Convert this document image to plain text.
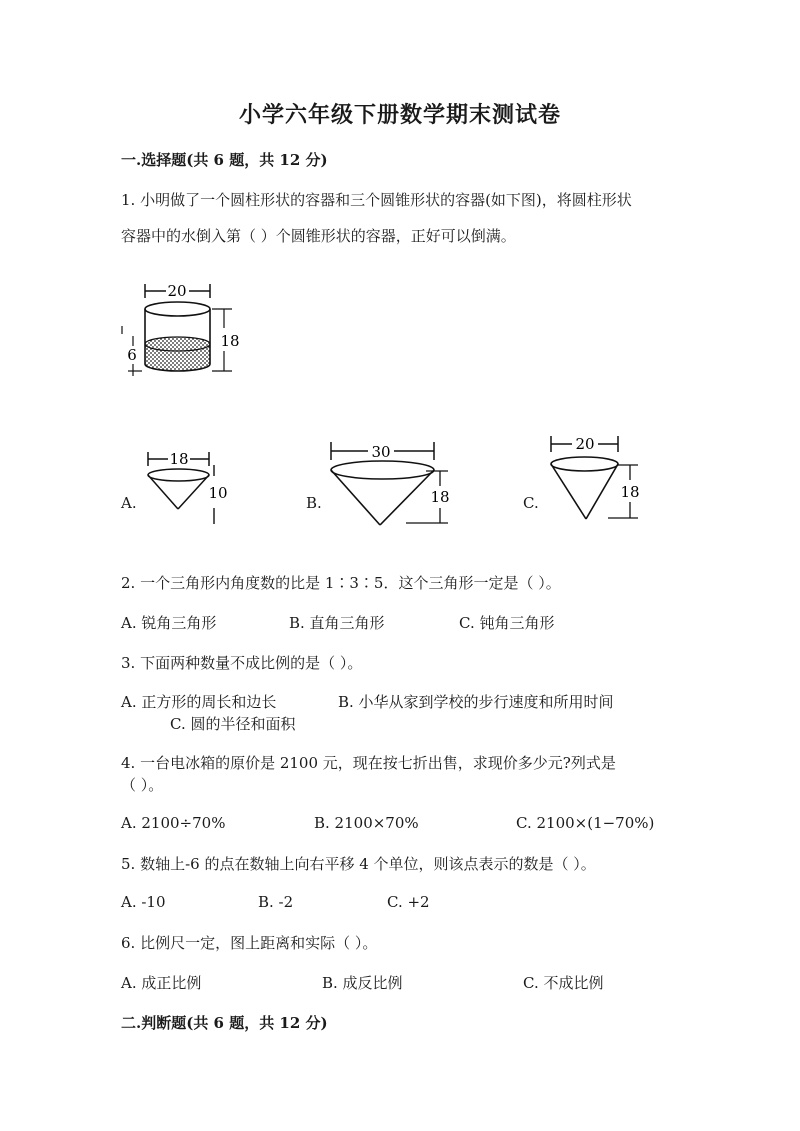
小学六年级下册数学期末测试卷
一.选择题(共 6 题，共 12 分)
1. 小明做了一个圆柱形状的容器和三个圆锥形状的容器(如下图)，将圆柱形状
容器中的水倒入第（ ）个圆锥形状的容器，正好可以倒满。
20
18
6
A.
18
10
B.
30
18	C.
20
18
2. 一个三角形内角度数的比是 1∶3∶5．这个三角形一定是（ ）。
A. 锐角三角形	B. 直角三角形	C. 钝角三角形
3. 下面两种数量不成比例的是（ ）。
A. 正方形的周长和边长	B. 小华从家到学校的步行速度和所用时间
C. 圆的半径和面积
4. 一台电冰箱的原价是 2100 元，现在按七折出售，求现价多少元?列式是
（ ）。
A. 2100÷70%	B. 2100×70%	C. 2100×(1−70%)
5. 数轴上-6 的点在数轴上向右平移 4 个单位，则该点表示的数是（ ）。
A. -10	B. -2	C. +2
6. 比例尺一定，图上距离和实际（ ）。
A. 成正比例	B. 成反比例	C. 不成比例
二.判断题(共 6 题，共 12 分)
